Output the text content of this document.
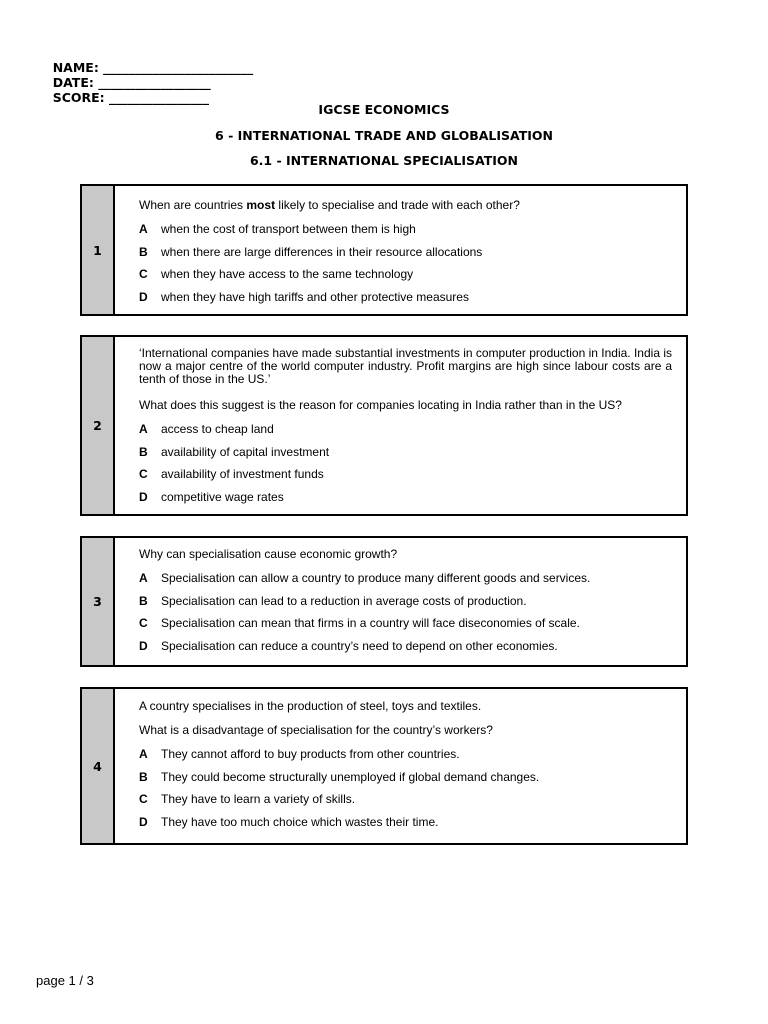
NAME: ________________________
DATE: __________________
SCORE: ________________

IGCSE ECONOMICS
6 - INTERNATIONAL TRADE AND GLOBALISATION
6.1 - INTERNATIONAL SPECIALISATION
1
When are countries most likely to specialise and trade with each other?
A	when the cost of transport between them is high
B	when there are large differences in their resource allocations
C	when they have access to the same technology
D	when they have high tariffs and other protective measures
2
‘International companies have made substantial investments in computer production in India. India is now a major centre of the world computer industry. Profit margins are high since labour costs are a tenth of those in the US.’
What does this suggest is the reason for companies locating in India rather than in the US?
A	access to cheap land
B	availability of capital investment
C	availability of investment funds
D	competitive wage rates
3
Why can specialisation cause economic growth?
A	Specialisation can allow a country to produce many different goods and services.
B	Specialisation can lead to a reduction in average costs of production.
C	Specialisation can mean that firms in a country will face diseconomies of scale.
D	Specialisation can reduce a country’s need to depend on other economies.
4
A country specialises in the production of steel, toys and textiles.
What is a disadvantage of specialisation for the country’s workers?
A	They cannot afford to buy products from other countries.
B	They could become structurally unemployed if global demand changes.
C	They have to learn a variety of skills.
D	They have too much choice which wastes their time.
page 1 / 3
